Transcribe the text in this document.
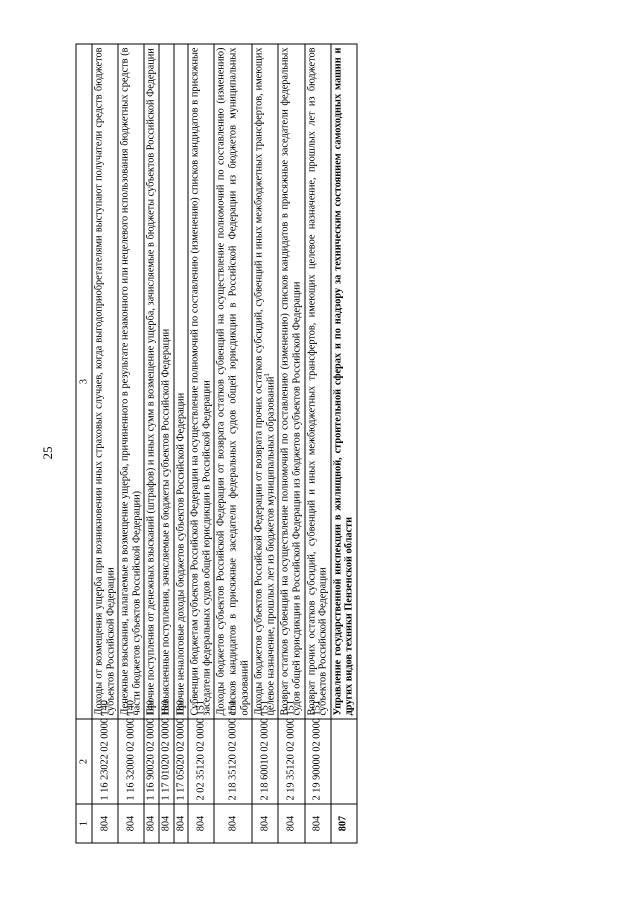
25
1	2	3
804	1 16 23022 02 0000 140	Доходы от возмещения ущерба при возникновении иных страховых случаев, когда выгодоприобретателями выступают получатели средств бюджетов субъектов Российской Федерации
804	1 16 32000 02 0000 140	Денежные взыскания, налагаемые в возмещение ущерба, причиненного в результате незаконного или нецелевого использования бюджетных средств (в части бюджетов субъектов Российской Федерации)
804	1 16 90020 02 0000 140	Прочие поступления от денежных взысканий (штрафов) и иных сумм в возмещение ущерба, зачисляемые в бюджеты субъектов Российской Федерации
804	1 17 01020 02 0000 180	Невыясненные поступления, зачисляемые в бюджеты субъектов Российской Федерации
804	1 17 05020 02 0000 180	Прочие неналоговые доходы бюджетов субъектов Российской Федерации
804	2 02 35120 02 0000 151	Субвенции бюджетам субъектов Российской Федерации на осуществление полномочий по составлению (изменению) списков кандидатов в присяжные заседатели федеральных судов общей юрисдикции в Российской Федерации
804	2 18 35120 02 0000 151	Доходы бюджетов субъектов Российской Федерации от возврата остатков субвенций на осуществление полномочий по составлению (изменению) списков кандидатов в присяжные заседатели федеральных судов общей юрисдикции в Российской Федерации из бюджетов муниципальных образований
804	2 18 60010 02 0000 151	Доходы бюджетов субъектов Российской Федерации от возврата прочих остатков субсидий, субвенций и иных межбюджетных трансфертов, имеющих целевое назначение, прошлых лет из бюджетов муниципальных образований$^1$
804	2 19 35120 02 0000 151	Возврат остатков субвенций на осуществление полномочий по составлению (изменению) списков кандидатов в присяжные заседатели федеральных судов общей юрисдикции в Российской Федерации из бюджетов субъектов Российской Федерации
804	2 19 90000 02 0000 151	Возврат прочих остатков субсидий, субвенций и иных межбюджетных трансфертов, имеющих целевое назначение, прошлых лет из бюджетов субъектов Российской Федерации
807		Управление государственной инспекции в жилищной, строительной сферах и по надзору за техническим состоянием самоходных машин и других видов техники Пензенской области
